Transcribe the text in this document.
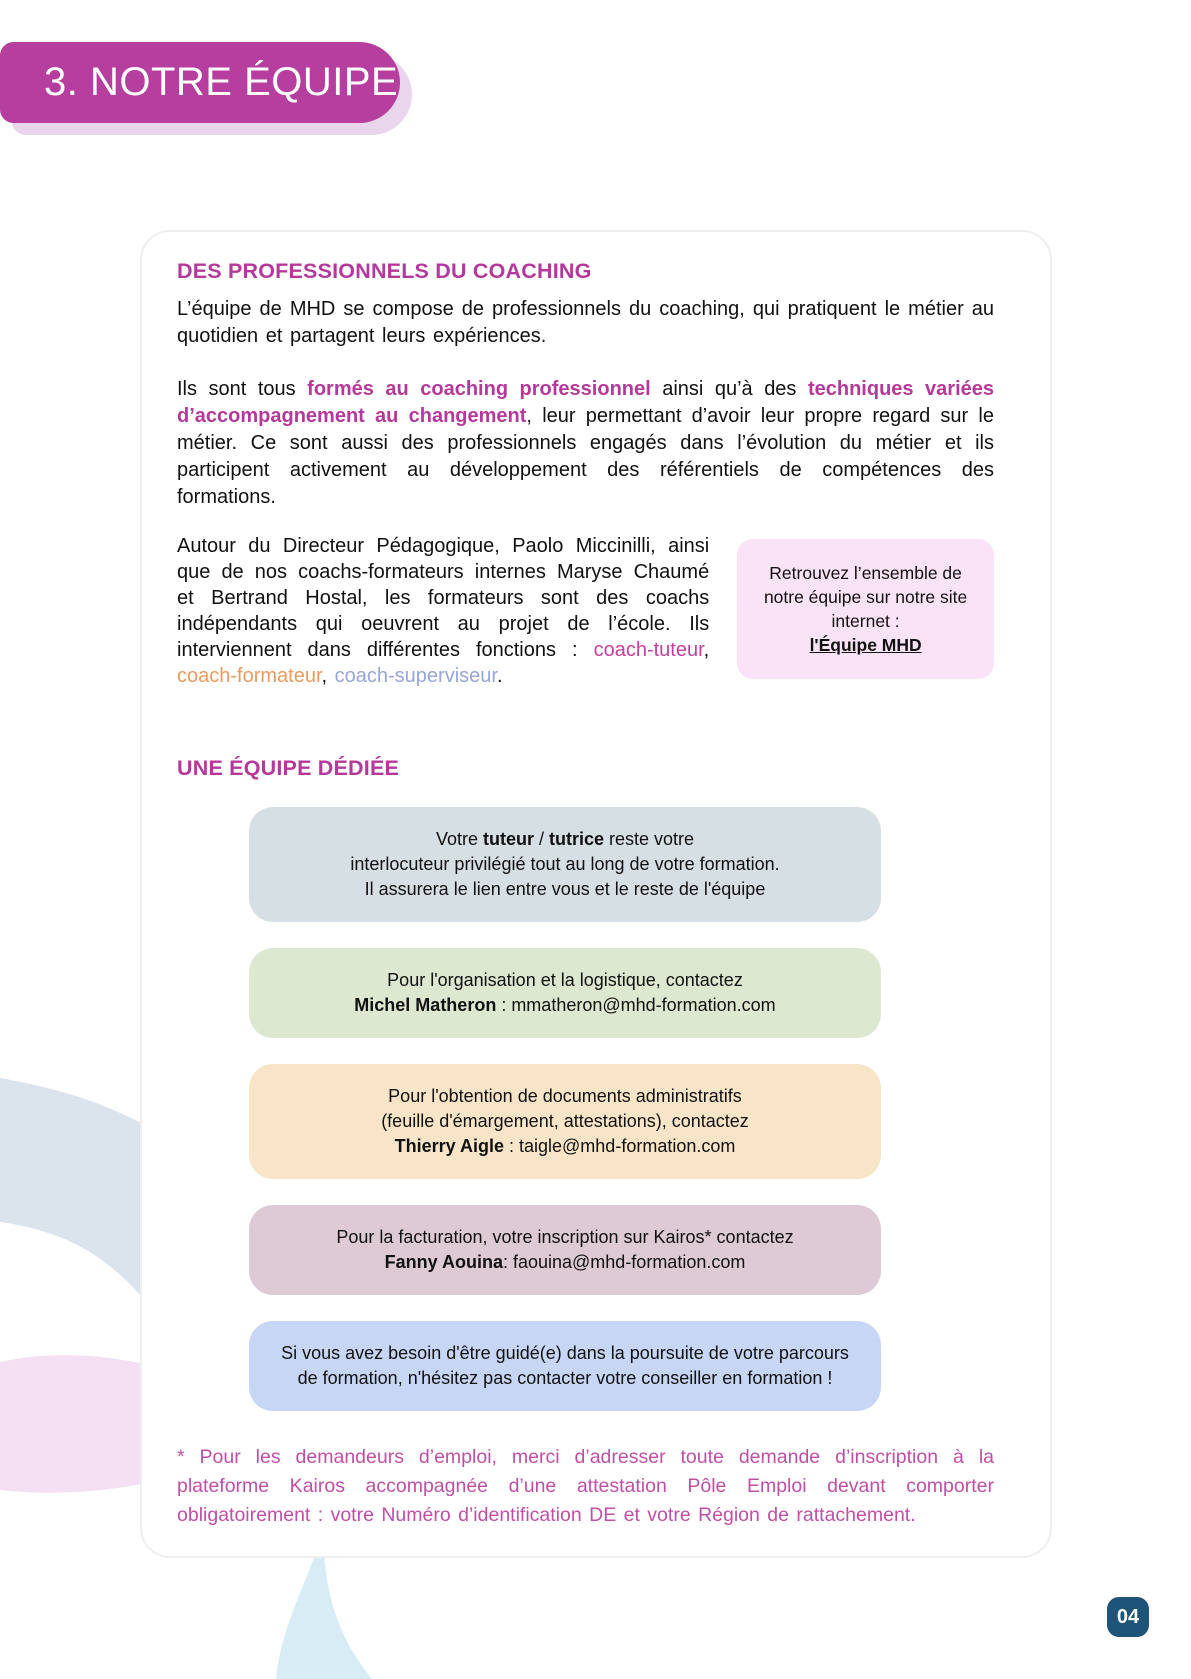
3. NOTRE ÉQUIPE
DES PROFESSIONNELS DU COACHING

L’équipe de MHD se compose de professionnels du coaching, qui pratiquent le métier au quotidien et partagent leurs expériences.

Ils sont tous formés au coaching professionnel ainsi qu’à des techniques variées d’accompagnement au changement, leur permettant d’avoir leur propre regard sur le métier. Ce sont aussi des professionnels engagés dans l’évolution du métier et ils participent activement au développement des référentiels de compétences des formations.

Autour du Directeur Pédagogique, Paolo Miccinilli, ainsi que de nos coachs-formateurs internes Maryse Chaumé et Bertrand Hostal, les formateurs sont des coachs indépendants qui oeuvrent au projet de l’école. Ils interviennent dans différentes fonctions : coach-tuteur, coach-formateur, coach-superviseur.

Retrouvez l’ensemble de notre équipe sur notre site internet :
l'Équipe MHD
UNE ÉQUIPE DÉDIÉE
Votre tuteur / tutrice reste votre
interlocuteur privilégié tout au long de votre formation.
Il assurera le lien entre vous et le reste de l'équipe
Pour l'organisation et la logistique, contactez
Michel Matheron : mmatheron@mhd-formation.com
Pour l'obtention de documents administratifs
(feuille d'émargement, attestations), contactez
Thierry Aigle : taigle@mhd-formation.com
Pour la facturation, votre inscription sur Kairos* contactez
Fanny Aouina: faouina@mhd-formation.com
Si vous avez besoin d'être guidé(e) dans la poursuite de votre parcours
de formation, n'hésitez pas contacter votre conseiller en formation !

* Pour les demandeurs d’emploi, merci d’adresser toute demande d’inscription à la plateforme Kairos accompagnée d’une attestation Pôle Emploi devant comporter obligatoirement : votre Numéro d’identification DE et votre Région de rattachement.

04
